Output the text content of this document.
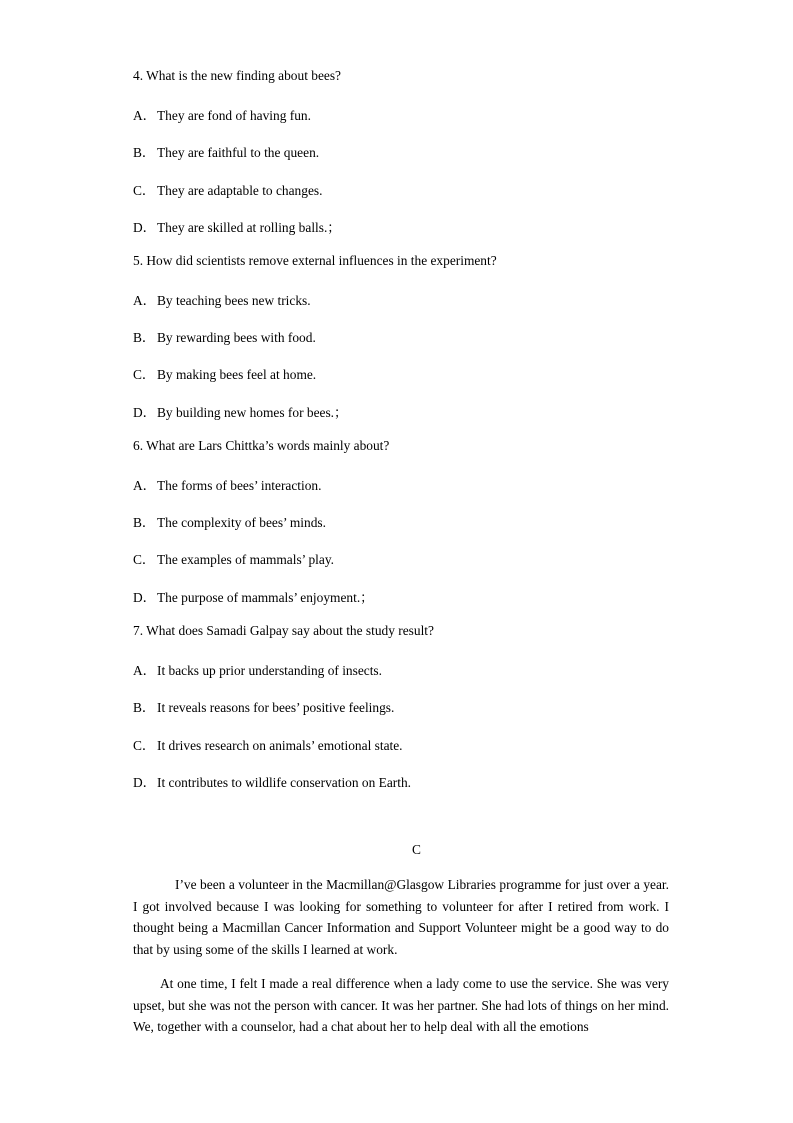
4. What is the new finding about bees?
A．They are fond of having fun.
B． They are faithful to the queen.
C． They are adaptable to changes.
D．They are skilled at rolling balls.；
5. How did scientists remove external influences in the experiment?
A．By teaching bees new tricks.
B． By rewarding bees with food.
C． By making bees feel at home.
D．By building new homes for bees.；
6. What are Lars Chittka’s words mainly about?
A．The forms of bees’ interaction.
B． The complexity of bees’ minds.
C． The examples of mammals’ play.
D．The purpose of mammals’ enjoyment.；
7. What does Samadi Galpay say about the study result?
A．It backs up prior understanding of insects.
B． It reveals reasons for bees’ positive feelings.
C． It drives research on animals’ emotional state.
D．It contributes to wildlife conservation on Earth.
C

I’ve been a volunteer in the Macmillan@Glasgow Libraries programme for just over a year. I got involved because I was looking for something to volunteer for after I retired from work. I thought being a Macmillan Cancer Information and Support Volunteer might be a good way to do that by using some of the skills I learned at work.

At one time, I felt I made a real difference when a lady come to use the service. She was very upset, but she was not the person with cancer. It was her partner. She had lots of things on her mind. We, together with a counselor, had a chat about her to help deal with all the emotions
